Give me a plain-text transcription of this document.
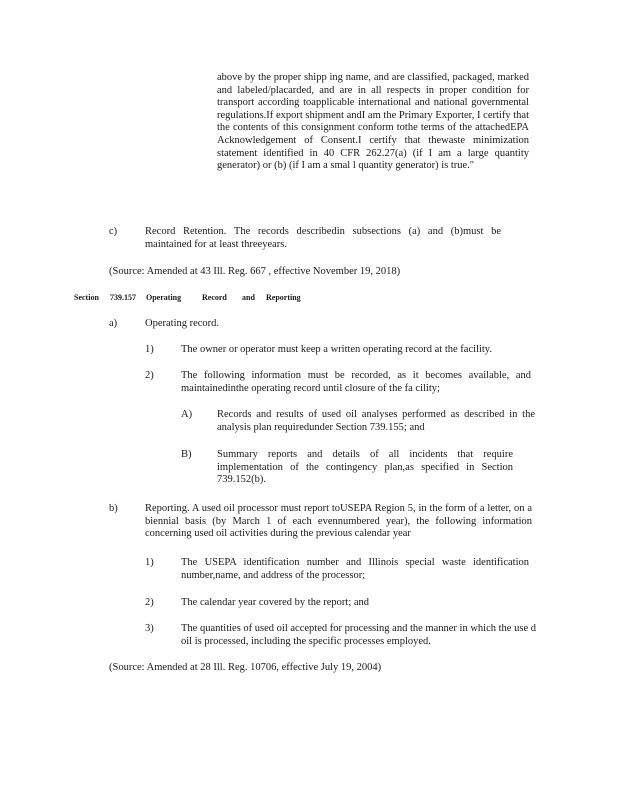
above by the proper shipp ing name, and are classified, packaged, marked and labeled/placarded, and are in all respects in proper condition for transport according toapplicable international and national governmental regulations.If export shipment andI am the Primary Exporter, I certify that the contents of this consignment conform tothe terms of the attachedEPA Acknowledgement of Consent.I certify that thewaste minimization statement identified in 40 CFR 262.27(a) (if I am a large quantity generator) or (b) (if I am a smal l quantity generator) is true."
c)	Record Retention. The records describedin subsections (a) and (b)must be maintained for at least threeyears.
(Source: Amended at 43 Ill. Reg. 667 , effective November 19, 2018)
Section 739.157 Operating	Record and Reporting
a)	Operating record.
1)	The owner or operator must keep a written operating record at the facility.
2)	The following information must be recorded, as it becomes available, and maintainedinthe operating record until closure of the fa cility;
A) Records and results of used oil analyses performed as described in the analysis plan requiredunder Section 739.155; and
B) Summary reports and details of all incidents that require implementation of the contingency plan,as specified in Section 739.152(b).
b)	Reporting. A used oil processor must report toUSEPA Region 5, in the form of a letter, on a biennial basis (by March 1 of each evennumbered year), the following information concerning used oil activities during the previous calendar year
1)	The USEPA identification number and Illinois special waste identification number,name, and address of the processor;
2)	The calendar year covered by the report; and
3)	The quantities of used oil accepted for processing and the manner in which the use d oil is processed, including the specific processes employed.
(Source: Amended at 28 Ill. Reg. 10706, effective July 19, 2004)
